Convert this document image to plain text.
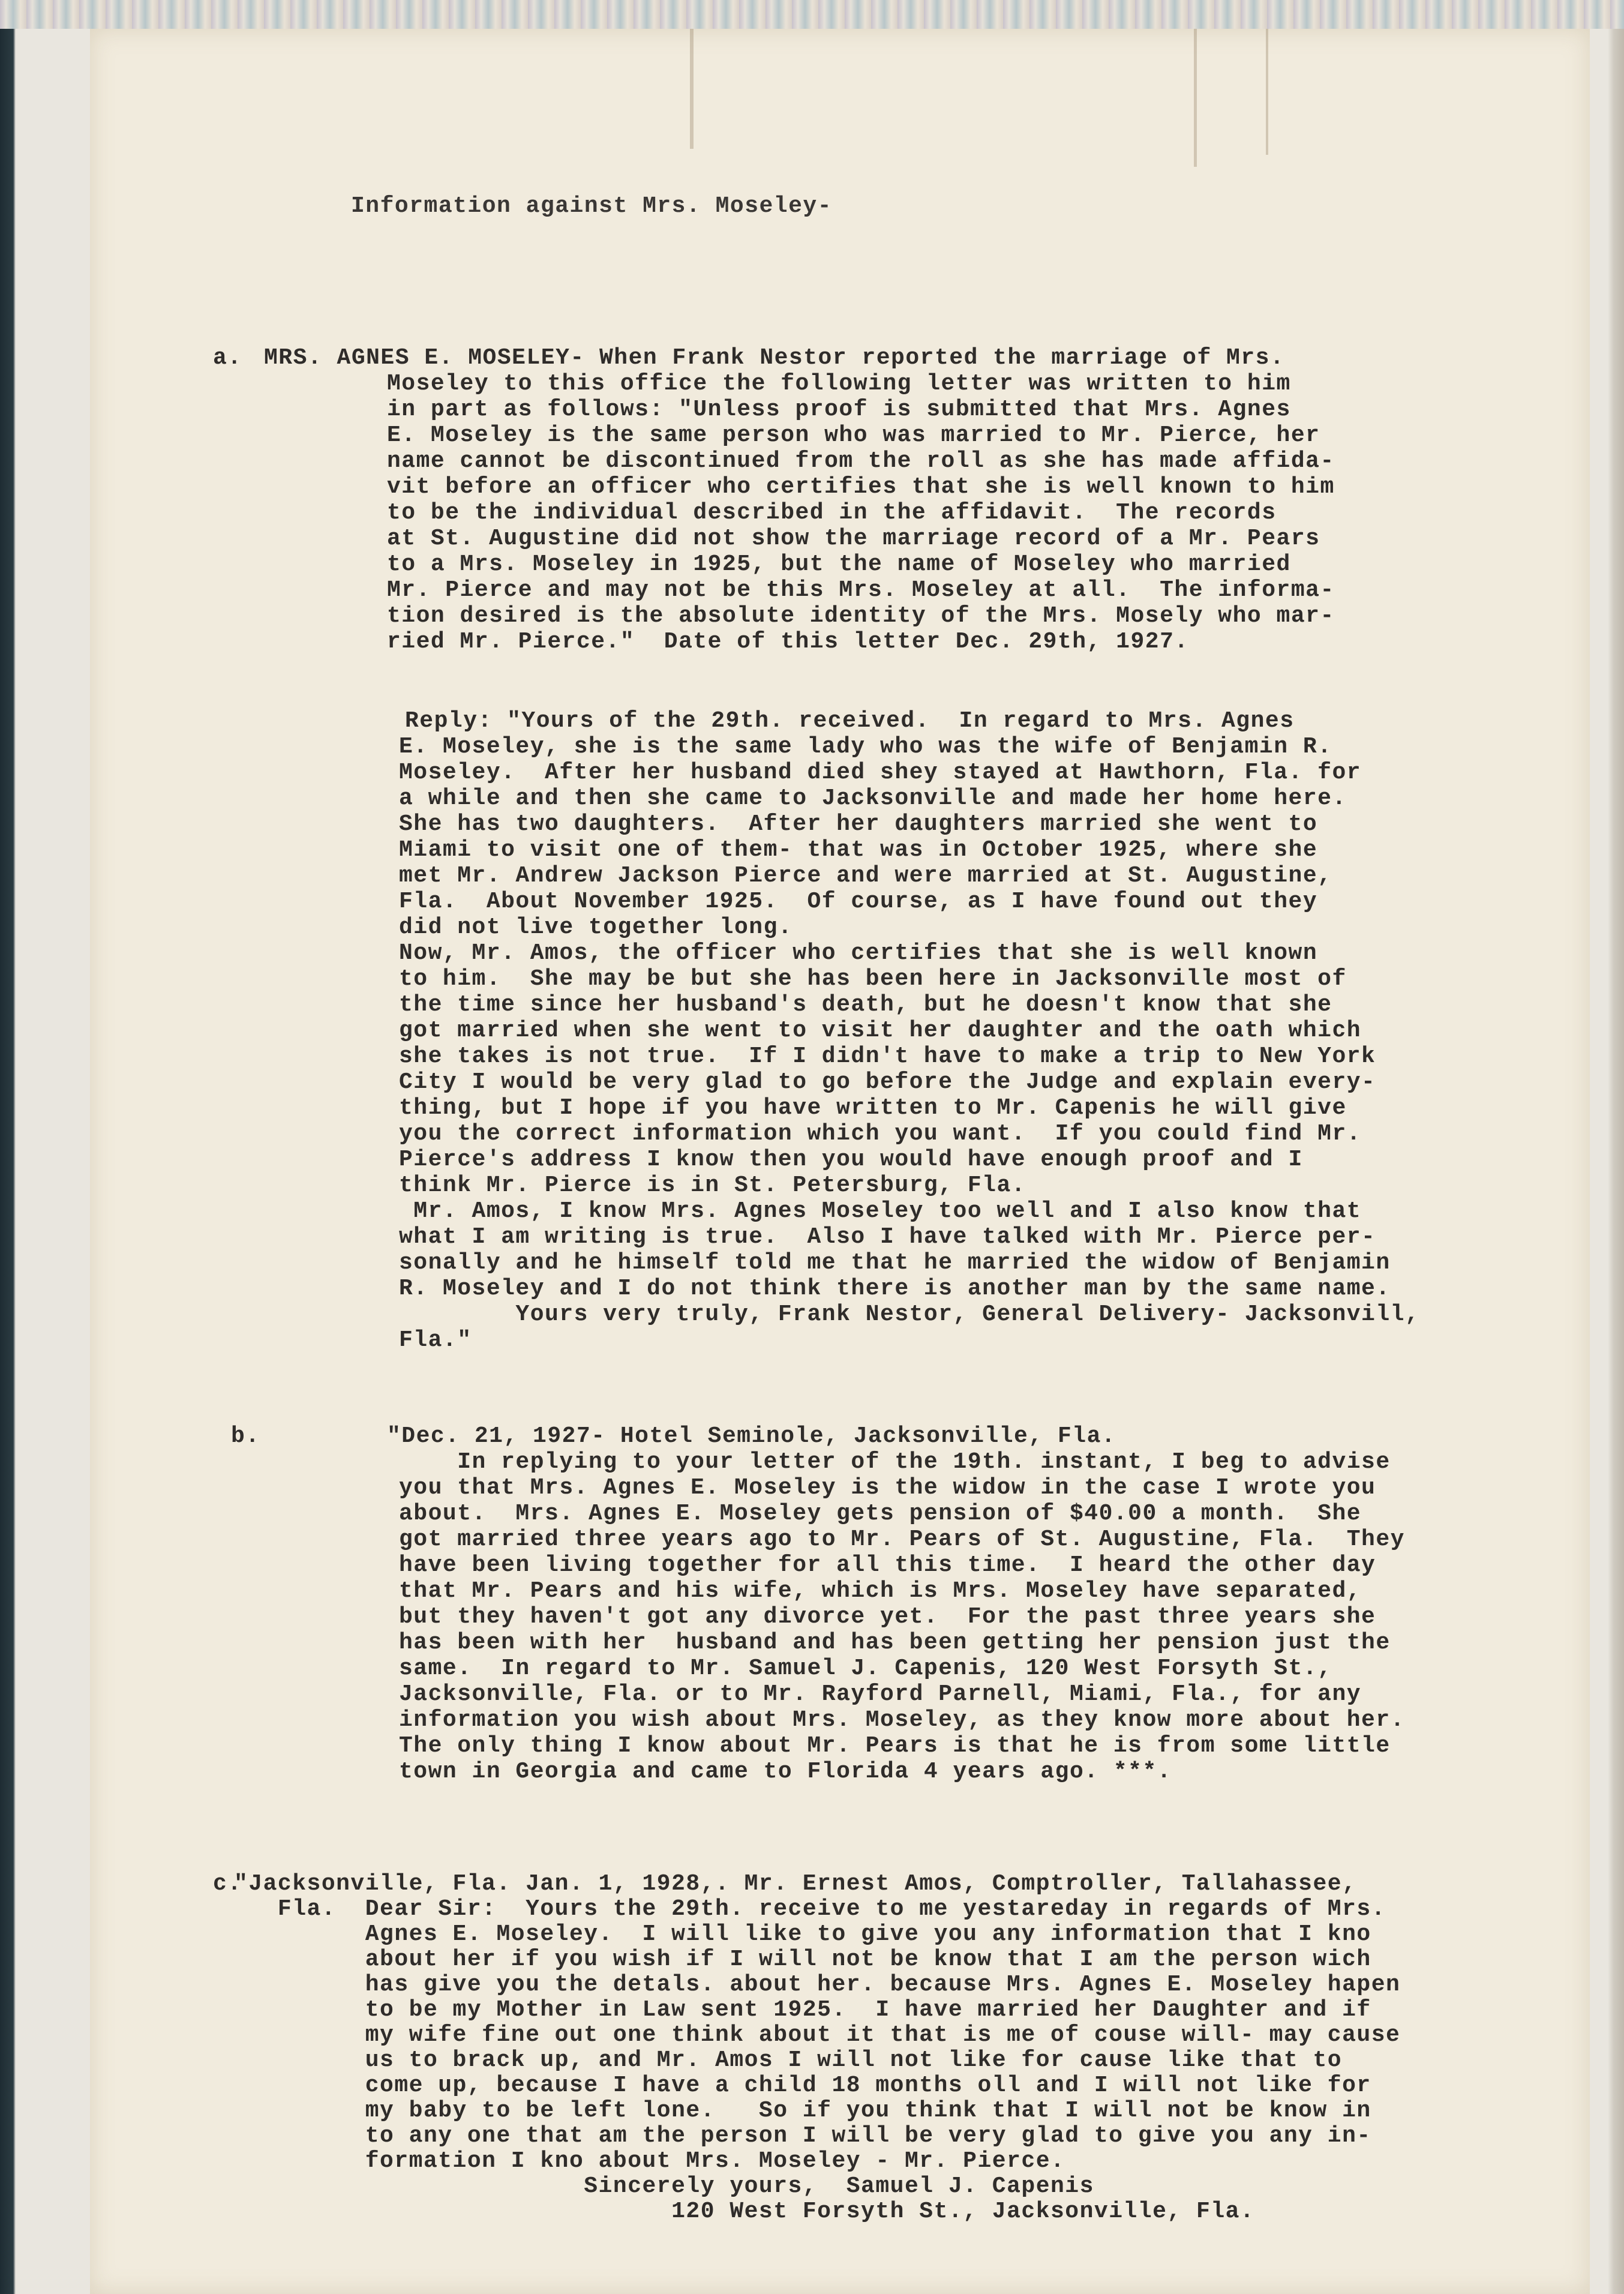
Information against Mrs. Moseley-
a. MRS. AGNES E. MOSELEY- When Frank Nestor reported the marriage of Mrs.
Moseley to this office the following letter was written to him
in part as follows: "Unless proof is submitted that Mrs. Agnes
E. Moseley is the same person who was married to Mr. Pierce, her
name cannot be discontinued from the roll as she has made affida-
vit before an officer who certifies that she is well known to him
to be the individual described in the affidavit.  The records
at St. Augustine did not show the marriage record of a Mr. Pears
to a Mrs. Moseley in 1925, but the name of Moseley who married
Mr. Pierce and may not be this Mrs. Moseley at all.  The informa-
tion desired is the absolute identity of the Mrs. Mosely who mar-
ried Mr. Pierce."  Date of this letter Dec. 29th, 1927.
Reply: "Yours of the 29th. received.  In regard to Mrs. Agnes
E. Moseley, she is the same lady who was the wife of Benjamin R.
Moseley.  After her husband died shey stayed at Hawthorn, Fla. for
a while and then she came to Jacksonville and made her home here.
She has two daughters.  After her daughters married she went to
Miami to visit one of them- that was in October 1925, where she
met Mr. Andrew Jackson Pierce and were married at St. Augustine,
Fla.  About November 1925.  Of course, as I have found out they
did not live together long.
Now, Mr. Amos, the officer who certifies that she is well known
to him.  She may be but she has been here in Jacksonville most of
the time since her husband's death, but he doesn't know that she
got married when she went to visit her daughter and the oath which
she takes is not true.  If I didn't have to make a trip to New York
City I would be very glad to go before the Judge and explain every-
thing, but I hope if you have written to Mr. Capenis he will give
you the correct information which you want.  If you could find Mr.
Pierce's address I know then you would have enough proof and I
think Mr. Pierce is in St. Petersburg, Fla.
Mr. Amos, I know Mrs. Agnes Moseley too well and I also know that
what I am writing is true.  Also I have talked with Mr. Pierce per-
sonally and he himself told me that he married the widow of Benjamin
R. Moseley and I do not think there is another man by the same name.
Yours very truly, Frank Nestor, General Delivery- Jacksonvill,
Fla."
b.	"Dec. 21, 1927- Hotel Seminole, Jacksonville, Fla.
In replying to your letter of the 19th. instant, I beg to advise
you that Mrs. Agnes E. Moseley is the widow in the case I wrote you
about.  Mrs. Agnes E. Moseley gets pension of $40.00 a month.  She
got married three years ago to Mr. Pears of St. Augustine, Fla.  They
have been living together for all this time.  I heard the other day
that Mr. Pears and his wife, which is Mrs. Moseley have separated,
but they haven't got any divorce yet.  For the past three years she
has been with her  husband and has been getting her pension just the
same.  In regard to Mr. Samuel J. Capenis, 120 West Forsyth St.,
Jacksonville, Fla. or to Mr. Rayford Parnell, Miami, Fla., for any
information you wish about Mrs. Moseley, as they know more about her.
The only thing I know about Mr. Pears is that he is from some little
town in Georgia and came to Florida 4 years ago. ***.
c.
"Jacksonville, Fla. Jan. 1, 1928,. Mr. Ernest Amos, Comptroller, Tallahassee,
Fla.  Dear Sir:  Yours the 29th. receive to me yestareday in regards of Mrs.
Agnes E. Moseley.  I will like to give you any information that I kno
about her if you wish if I will not be know that I am the person wich
has give you the detals. about her. because Mrs. Agnes E. Moseley hapen
to be my Mother in Law sent 1925.  I have married her Daughter and if
my wife fine out one think about it that is me of couse will- may cause
us to brack up, and Mr. Amos I will not like for cause like that to
come up, because I have a child 18 months oll and I will not like for
my baby to be left lone.   So if you think that I will not be know in
to any one that am the person I will be very glad to give you any in-
formation I kno about Mrs. Moseley - Mr. Pierce.
Sincerely yours,  Samuel J. Capenis
120 West Forsyth St., Jacksonville, Fla.
